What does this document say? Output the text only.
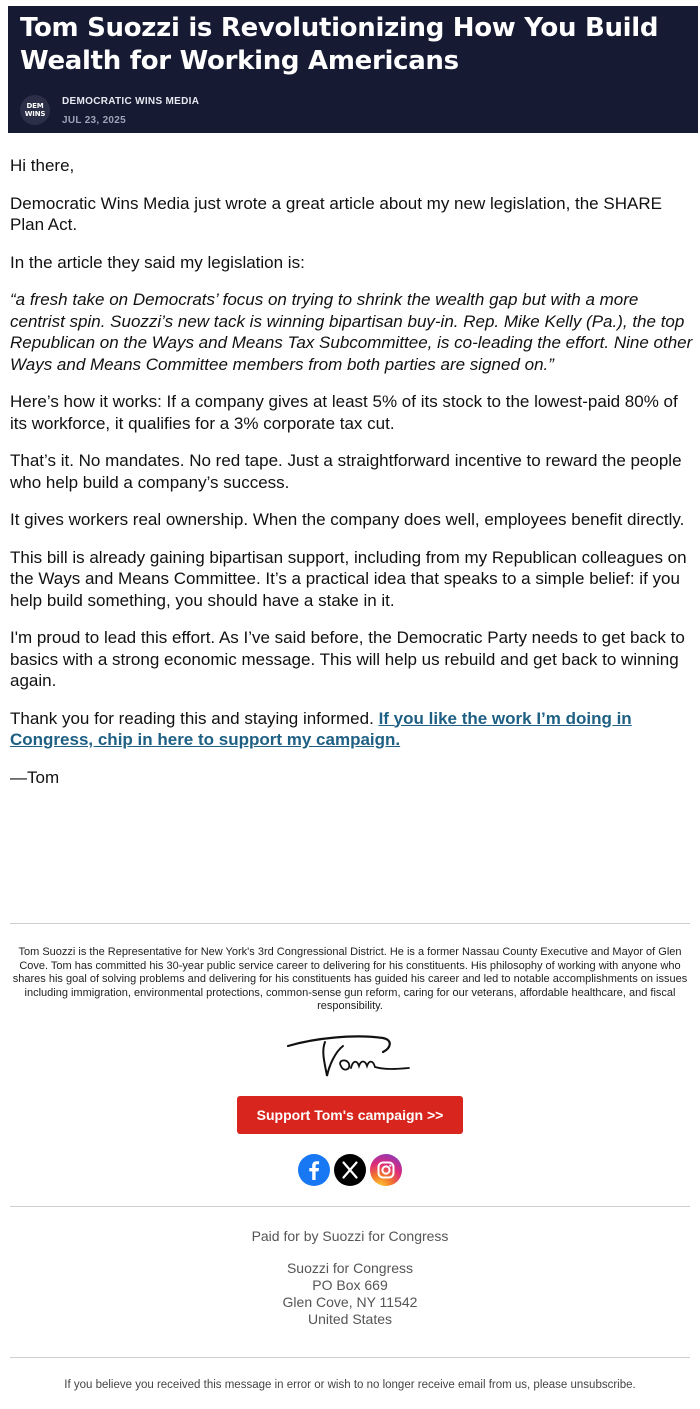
Tom Suozzi is Revolutionizing How You Build Wealth for Working Americans
DEM
WINS
DEMOCRATIC WINS MEDIA
JUL 23, 2025

Hi there,

Democratic Wins Media just wrote a great article about my new legislation, the SHARE Plan Act.

In the article they said my legislation is:

“a fresh take on Democrats’ focus on trying to shrink the wealth gap but with a more centrist spin. Suozzi’s new tack is winning bipartisan buy-in. Rep. Mike Kelly (Pa.), the top Republican on the Ways and Means Tax Subcommittee, is co-leading the effort. Nine other Ways and Means Committee members from both parties are signed on.”

Here’s how it works: If a company gives at least 5% of its stock to the lowest-paid 80% of its workforce, it qualifies for a 3% corporate tax cut.

That’s it. No mandates. No red tape. Just a straightforward incentive to reward the people who help build a company’s success.

It gives workers real ownership. When the company does well, employees benefit directly.

This bill is already gaining bipartisan support, including from my Republican colleagues on the Ways and Means Committee. It’s a practical idea that speaks to a simple belief: if you help build something, you should have a stake in it.

I'm proud to lead this effort. As I’ve said before, the Democratic Party needs to get back to basics with a strong economic message. This will help us rebuild and get back to winning again.

Thank you for reading this and staying informed. If you like the work I’m doing in Congress, chip in here to support my campaign.

—Tom

Tom Suozzi is the Representative for New York's 3rd Congressional District. He is a former Nassau County Executive and Mayor of Glen Cove. Tom has committed his 30-year public service career to delivering for his constituents. His philosophy of working with anyone who shares his goal of solving problems and delivering for his constituents has guided his career and led to notable accomplishments on issues including immigration, environmental protections, common-sense gun reform, caring for our veterans, affordable healthcare, and fiscal responsibility.
Support Tom's campaign >>
Paid for by Suozzi for Congress
Suozzi for Congress
PO Box 669
Glen Cove, NY 11542
United States
If you believe you received this message in error or wish to no longer receive email from us, please unsubscribe.
